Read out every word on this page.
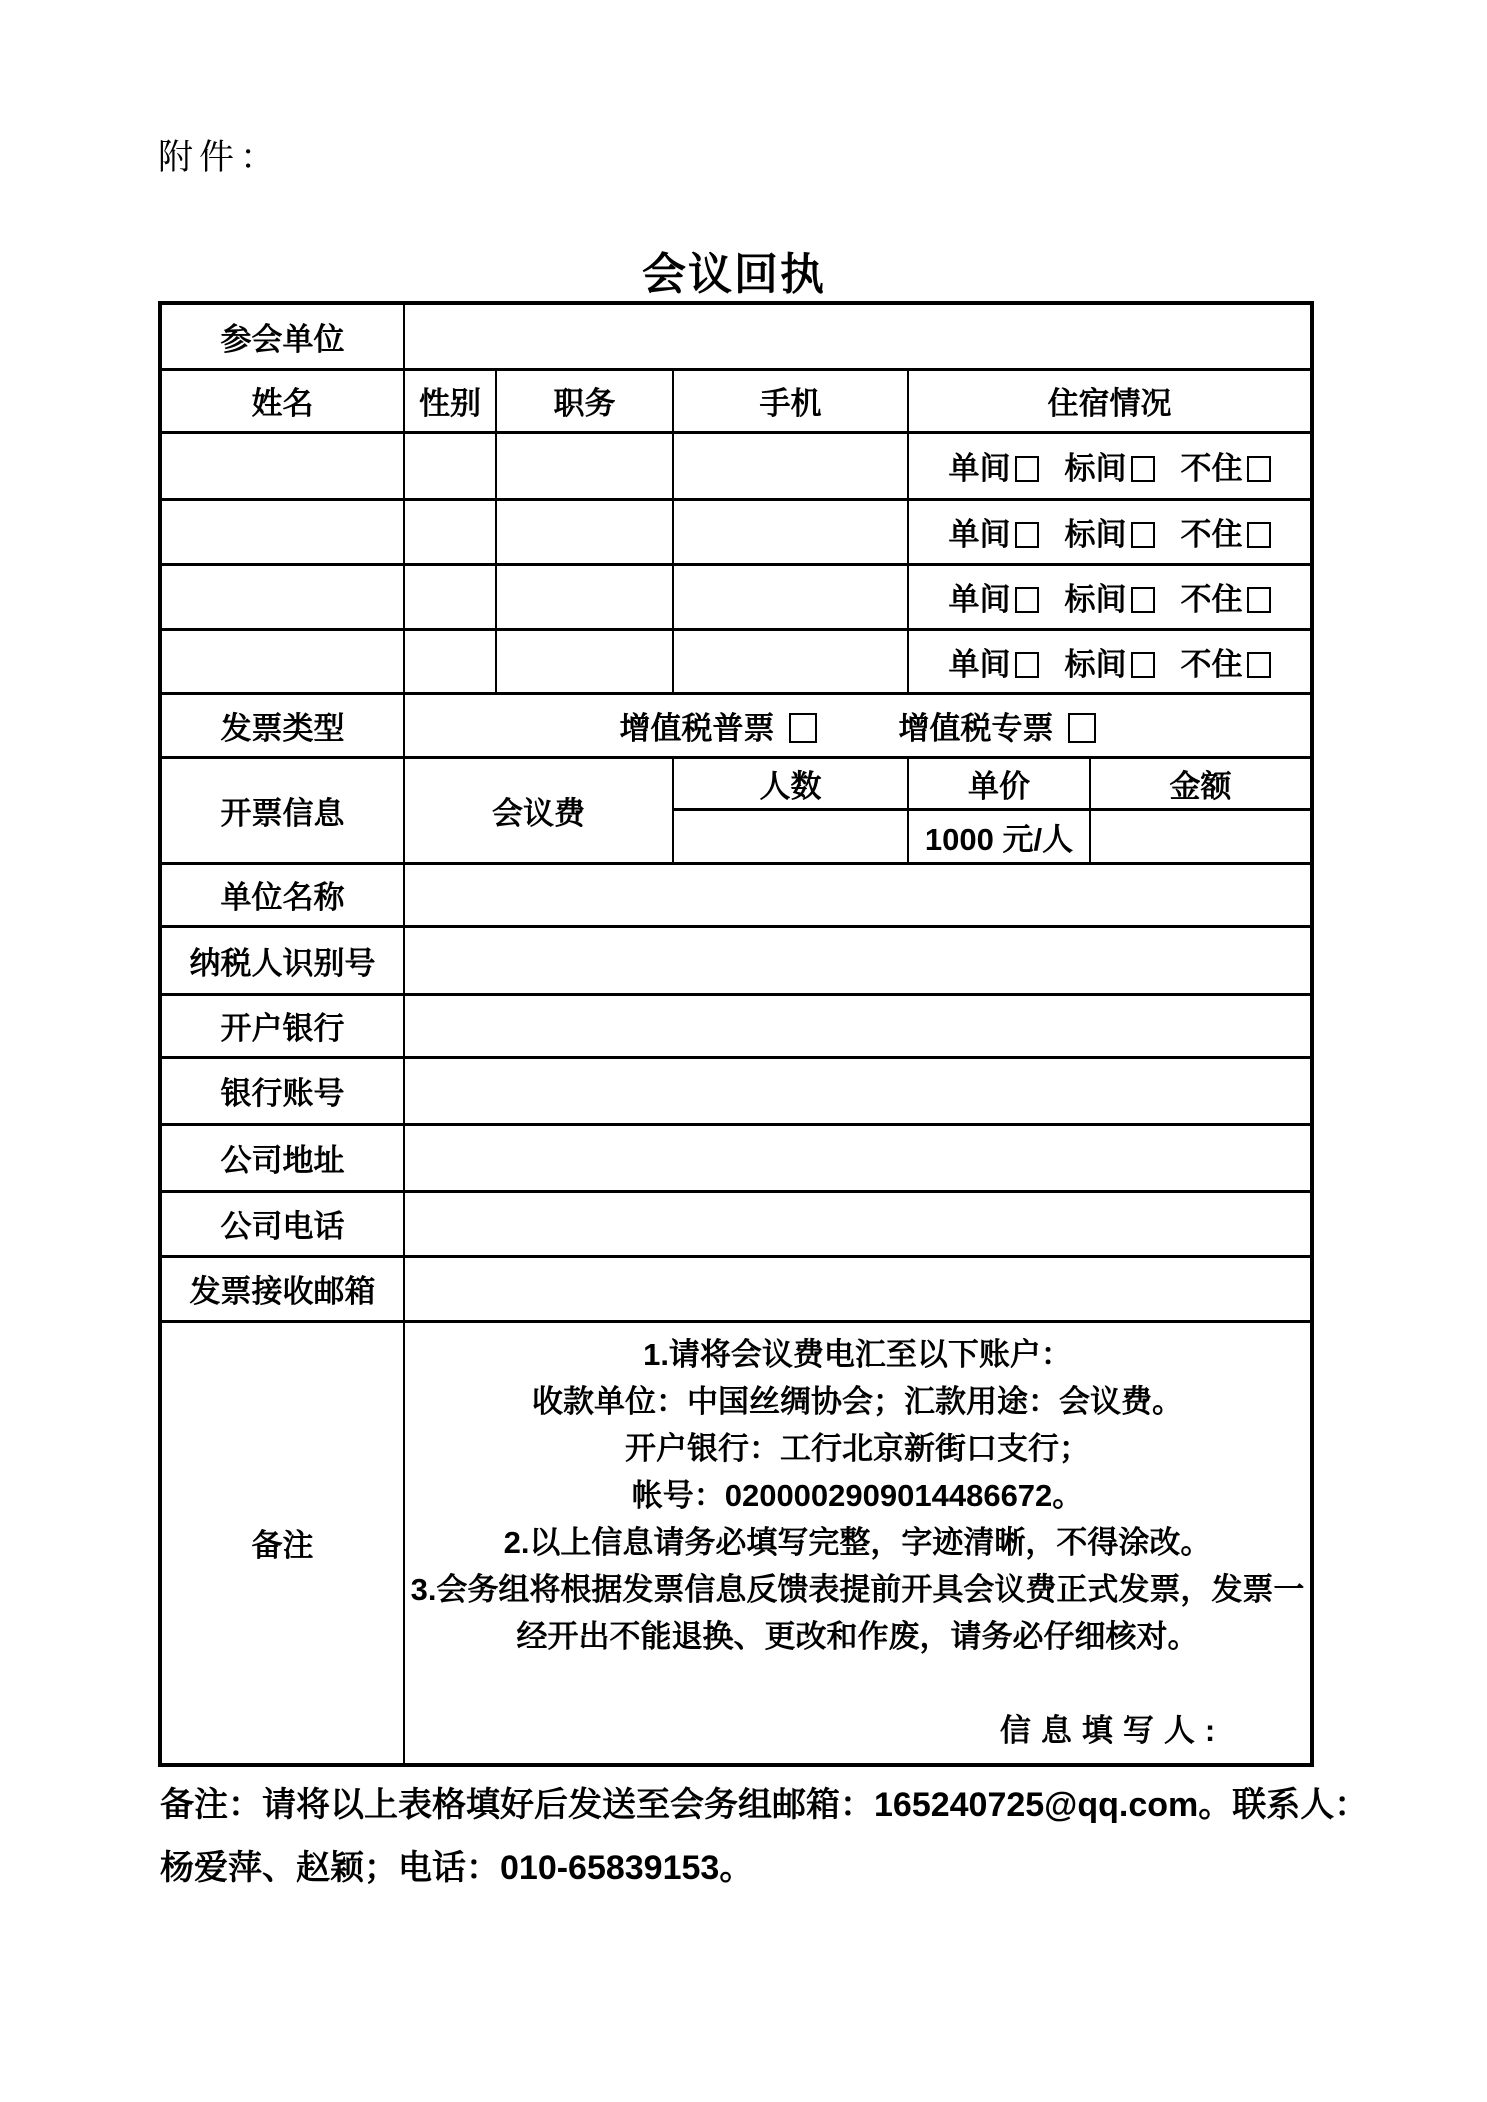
附件：
会议回执
参会单位					
姓名	性别	职务	手机	住宿情况	

				单间 标间 不住	

				单间 标间 不住	

				单间 标间 不住	

				单间 标间 不住	

发票类型	增值税普票 增值税专票				

开票信息	会议费		人数	单价	金额
				1000 元/人	
单位名称					
纳税人识别号					
开户银行					
银行账号					
公司地址					
公司电话					
发票接收邮箱					
备注	
1.请将会议费电汇至以下账户：
收款单位：中国丝绸协会；汇款用途：会议费。
开户银行：工行北京新街口支行；
帐号：0200002909014486672。
2.以上信息请务必填写完整，字迹清晰，不得涂改。
3.会务组将根据发票信息反馈表提前开具会议费正式发票，发票一
经开出不能退换、更改和作废，请务必仔细核对。
信息填写人:
备注：请将以上表格填好后发送至会务组邮箱：165240725@qq.com。联系人：
杨爱萍、赵颖；电话：010-65839153。
